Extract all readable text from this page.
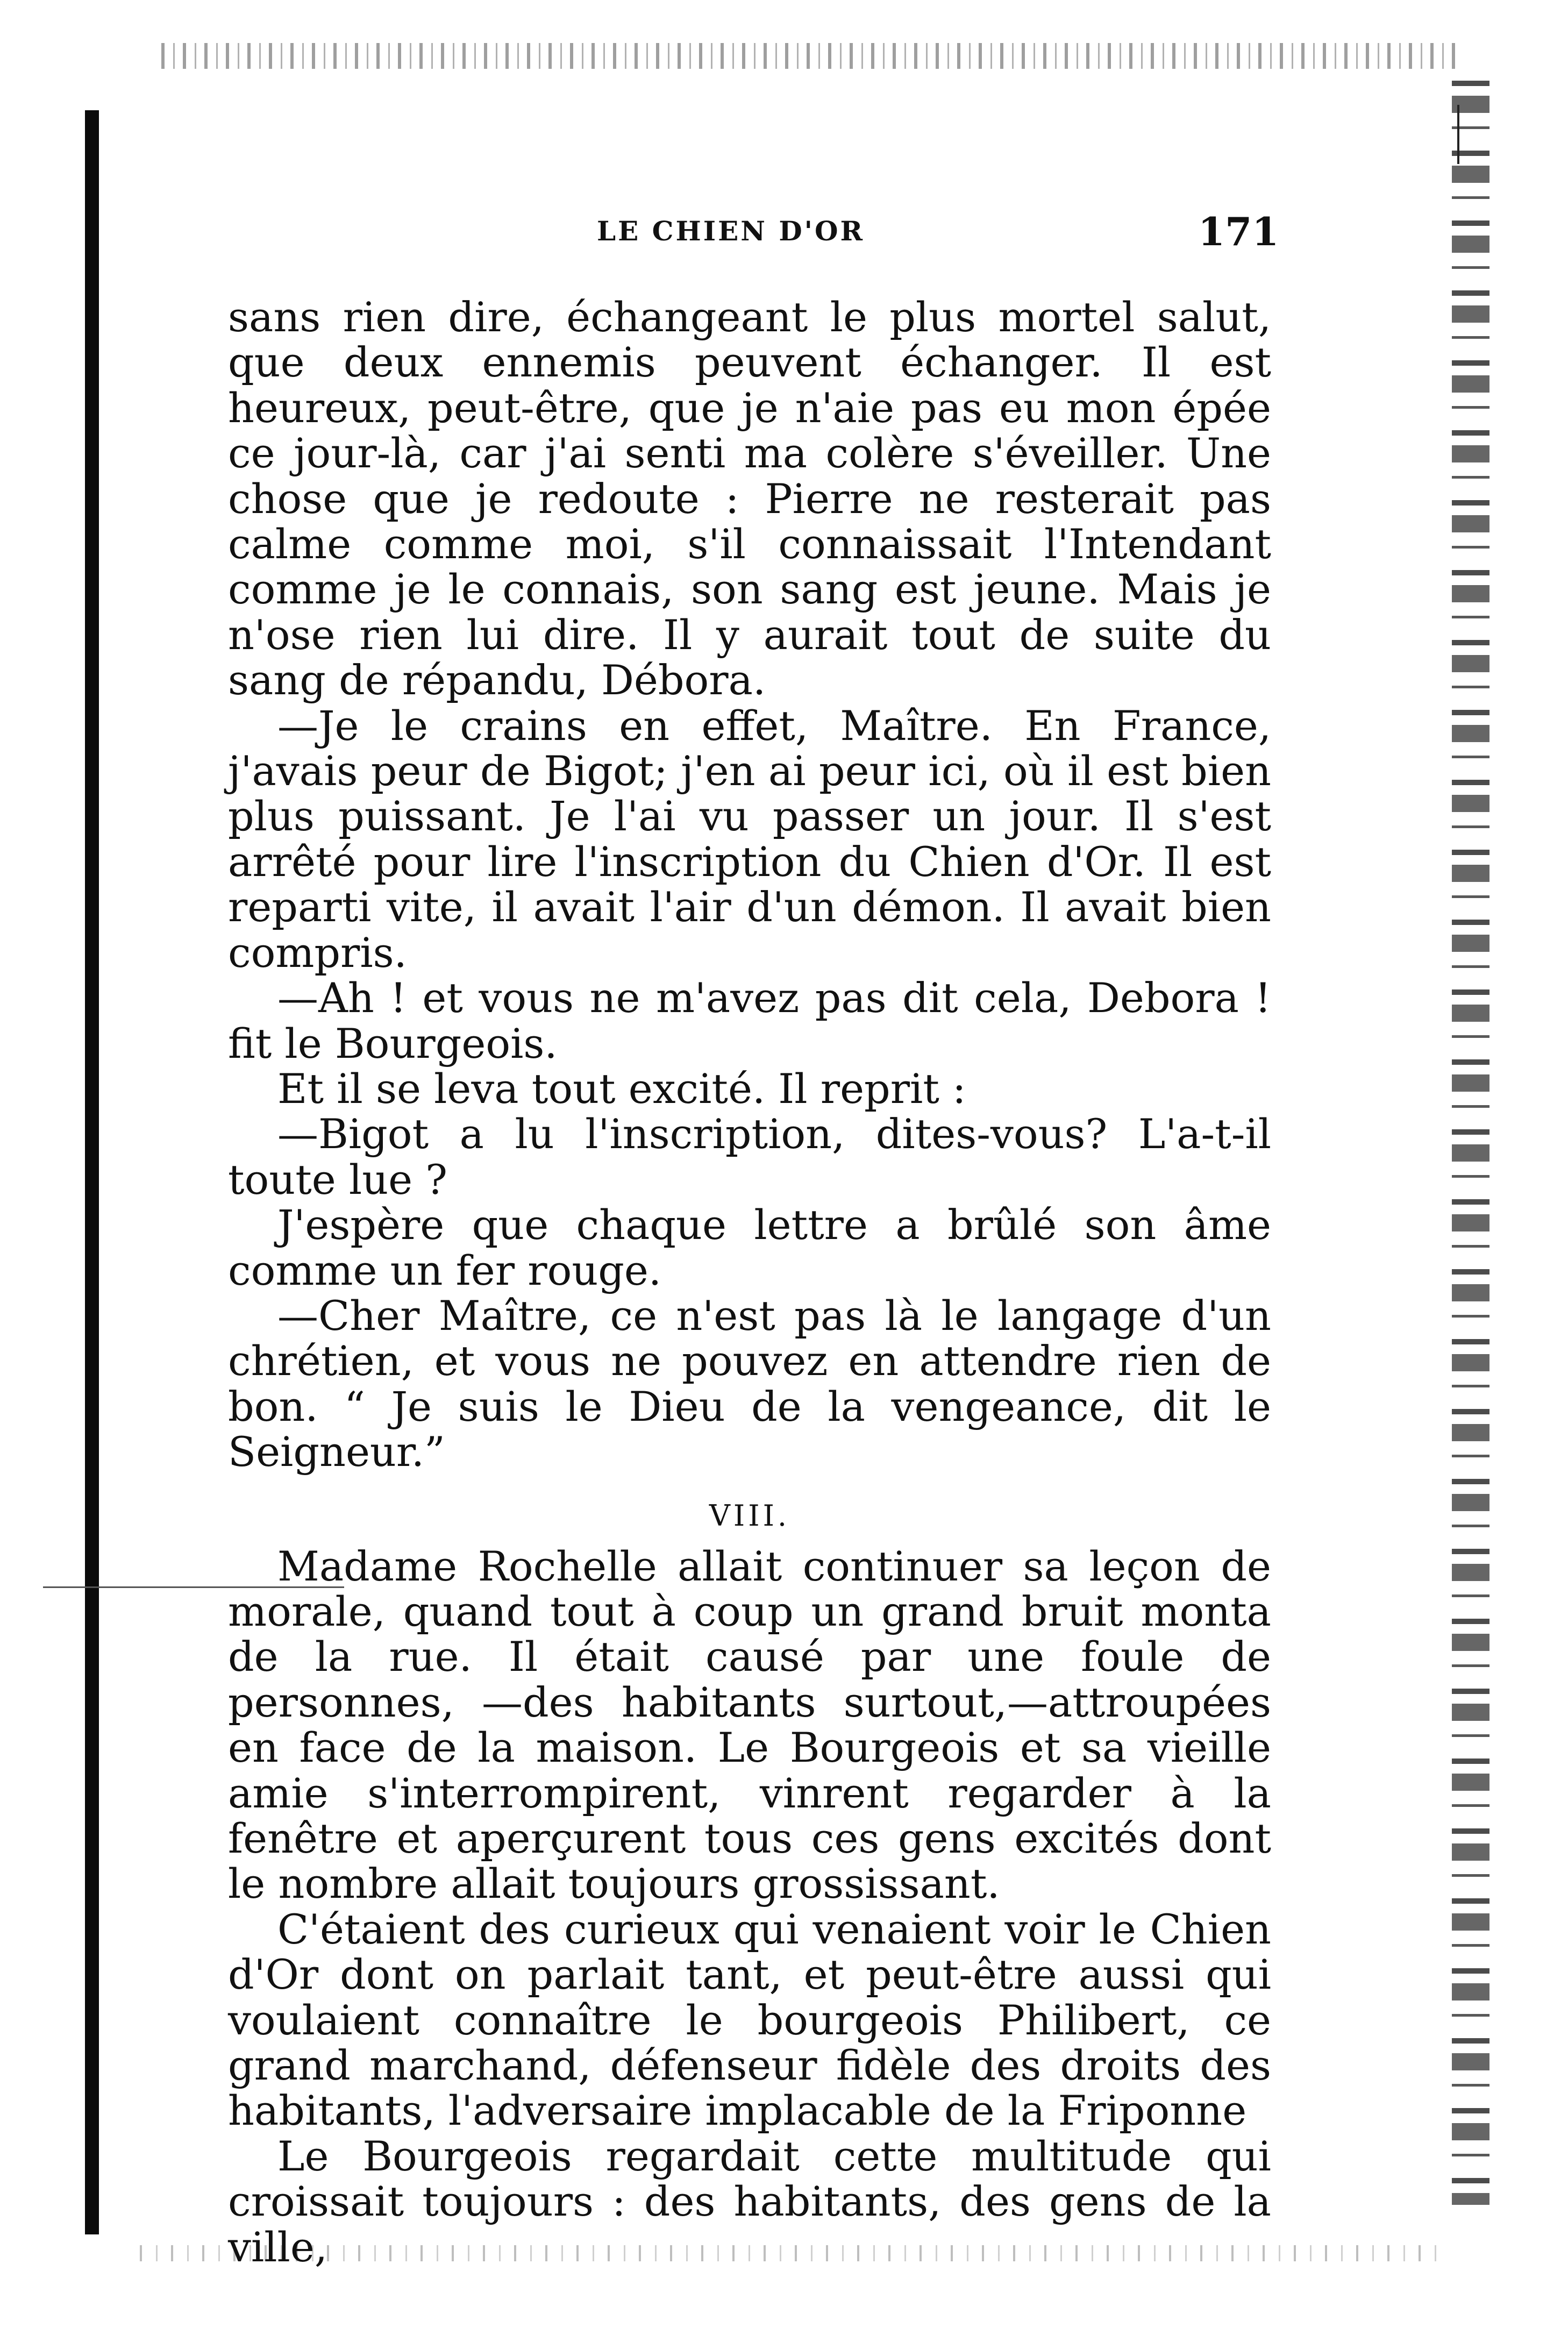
LE CHIEN D'OR	171

sans rien dire, échangeant le plus mortel salut, que deux ennemis peuvent échanger. Il est heureux, peut-être, que je n'aie pas eu mon épée ce jour-là, car j'ai senti ma colère s'éveiller. Une chose que je redoute : Pierre ne resterait pas calme comme moi, s'il connaissait l'Intendant comme je le connais, son sang est jeune. Mais je n'ose rien lui dire. Il y aurait tout de suite du sang de répandu, Débora.

—Je le crains en effet, Maître. En France, j'avais peur de Bigot; j'en ai peur ici, où il est bien plus puissant. Je l'ai vu passer un jour. Il s'est arrêté pour lire l'inscription du Chien d'Or. Il est reparti vite, il avait l'air d'un démon. Il avait bien compris.

—Ah ! et vous ne m'avez pas dit cela, Debora ! fit le Bourgeois.

Et il se leva tout excité. Il reprit :

—Bigot a lu l'inscription, dites-vous? L'a-t-il toute lue ?

J'espère que chaque lettre a brûlé son âme comme un fer rouge.

—Cher Maître, ce n'est pas là le langage d'un chrétien, et vous ne pouvez en attendre rien de bon. “ Je suis le Dieu de la vengeance, dit le Seigneur.”

VIII.

Madame Rochelle allait continuer sa leçon de morale, quand tout à coup un grand bruit monta de la rue. Il était causé par une foule de personnes, —des habitants surtout,—attroupées en face de la maison. Le Bourgeois et sa vieille amie s'interrompirent, vinrent regarder à la fenêtre et aperçurent tous ces gens excités dont le nombre allait toujours grossissant.

C'étaient des curieux qui venaient voir le Chien d'Or dont on parlait tant, et peut-être aussi qui voulaient connaître le bourgeois Philibert, ce grand marchand, défenseur fidèle des droits des habitants, l'adversaire implacable de la Friponne

Le Bourgeois regardait cette multitude qui croissait toujours : des habitants, des gens de la ville,
